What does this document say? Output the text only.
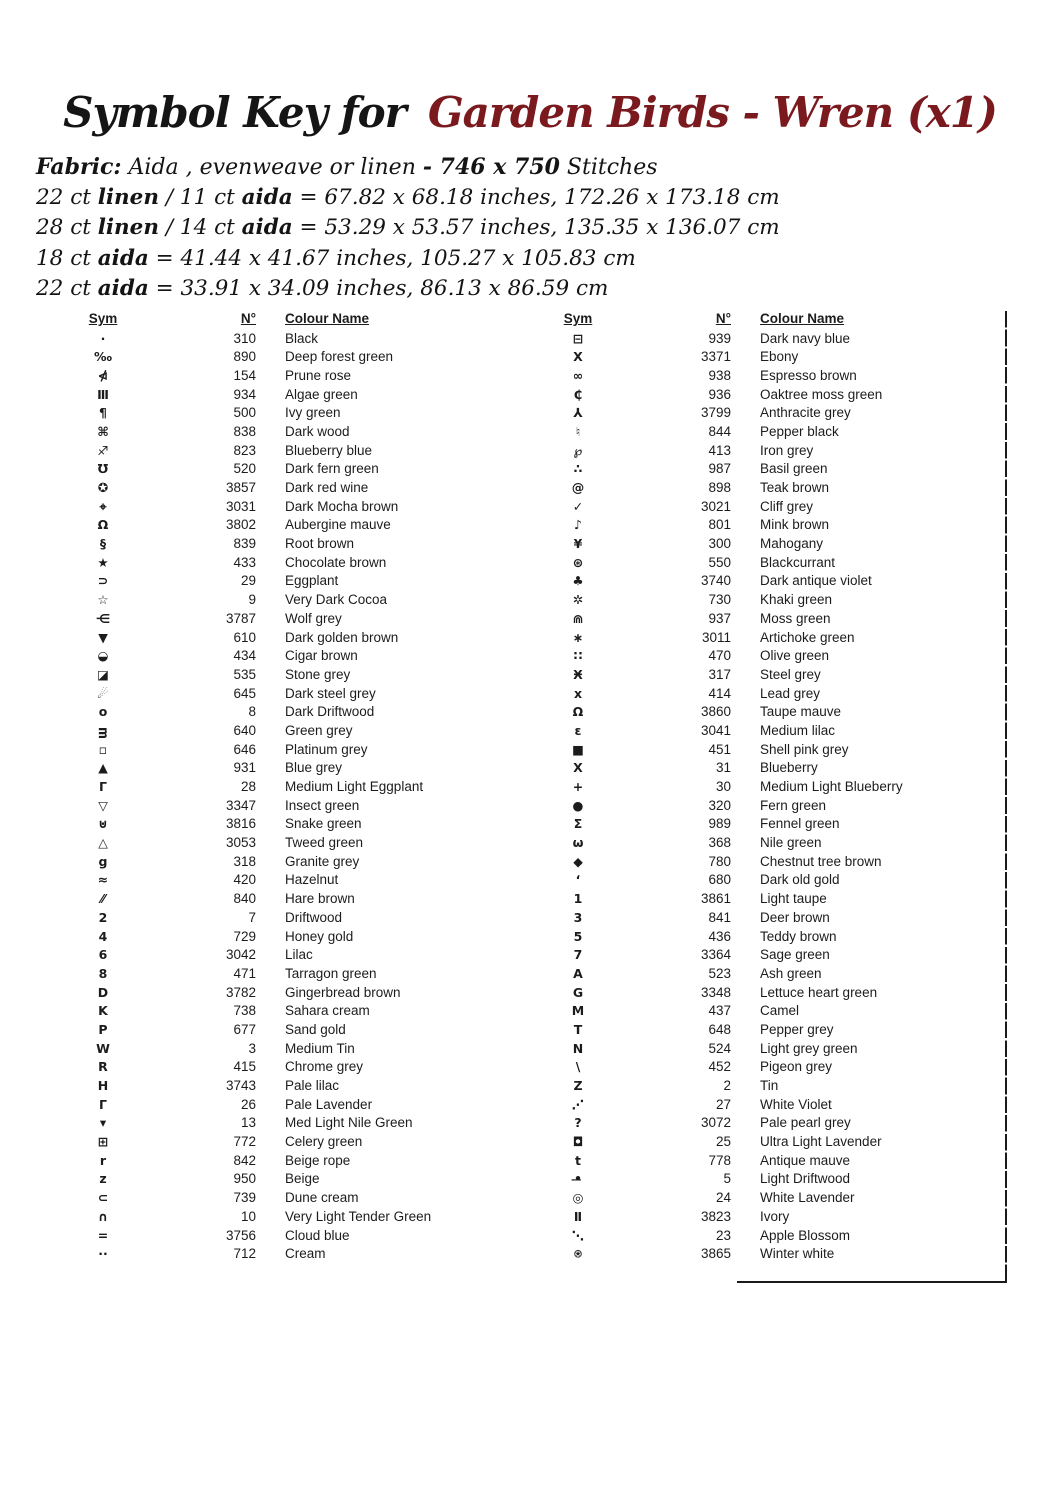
Symbol Key for Garden Birds - Wren (x1)
Fabric: Aida , evenweave or linen - 746 x 750 Stitches
22 ct linen / 11 ct aida = 67.82 x 68.18 inches, 172.26 x 173.18 cm
28 ct linen / 14 ct aida = 53.29 x 53.57 inches, 135.35 x 136.07 cm
18 ct aida = 41.44 x 41.67 inches, 105.27 x 105.83 cm
22 ct aida = 33.91 x 34.09 inches, 86.13 x 86.59 cm
Sym	N°	Colour Name
·	310	Black
‰	890	Deep forest green
⋪	154	Prune rose
Ⅲ	934	Algae green
¶	500	Ivy green
⌘	838	Dark wood
♐	823	Blueberry blue
℧	520	Dark fern green
✪	3857	Dark red wine
⌖	3031	Dark Mocha brown
Ω	3802	Aubergine mauve
§	839	Root brown
★	433	Chocolate brown
⊃	29	Eggplant
☆	9	Very Dark Cocoa
⋲	3787	Wolf grey
▼	610	Dark golden brown
◒	434	Cigar brown
◪	535	Stone grey
☄	645	Dark steel grey
o	8	Dark Driftwood
ᴟ	640	Green grey
▫	646	Platinum grey
▲	931	Blue grey
Γ	28	Medium Light Eggplant
▽	3347	Insect green
⊍	3816	Snake green
△	3053	Tweed green
g	318	Granite grey
≈	420	Hazelnut
⁄⁄	840	Hare brown
2	7	Driftwood
4	729	Honey gold
6	3042	Lilac
8	471	Tarragon green
D	3782	Gingerbread brown
K	738	Sahara cream
P	677	Sand gold
W	3	Medium Tin
R	415	Chrome grey
H	3743	Pale lilac
Γ	26	Pale Lavender
▾	13	Med Light Nile Green
⊞	772	Celery green
r	842	Beige rope
z	950	Beige
⊂	739	Dune cream
∩	10	Very Light Tender Green
=	3756	Cloud blue
··	712	Cream
Sym	N°	Colour Name
⊟	939	Dark navy blue
X	3371	Ebony
∞	938	Espresso brown
₵	936	Oaktree moss green
⅄	3799	Anthracite grey
♮	844	Pepper black
℘	413	Iron grey
∴	987	Basil green
@	898	Teak brown
✓	3021	Cliff grey
♪	801	Mink brown
¥	300	Mahogany
⊛	550	Blackcurrant
♣	3740	Dark antique violet
✲	730	Khaki green
⋒	937	Moss green
∗	3011	Artichoke green
∷	470	Olive green
Ӿ	317	Steel grey
x	414	Lead grey
Ω	3860	Taupe mauve
ε	3041	Medium lilac
■	451	Shell pink grey
Ⅹ	31	Blueberry
+	30	Medium Light Blueberry
●	320	Fern green
Σ	989	Fennel green
ω	368	Nile green
◆	780	Chestnut tree brown
ʻ	680	Dark old gold
1	3861	Light taupe
3	841	Deer brown
5	436	Teddy brown
7	3364	Sage green
A	523	Ash green
G	3348	Lettuce heart green
M	437	Camel
T	648	Pepper grey
N	524	Light grey green
\	452	Pigeon grey
Z	2	Tin
⋰	27	White Violet
?	3072	Pale pearl grey
◘	25	Ultra Light Lavender
t	778	Antique mauve
•̶	5	Light Driftwood
◎	24	White Lavender
Ⅱ	3823	Ivory
⋱	23	Apple Blossom
⍟	3865	Winter white
